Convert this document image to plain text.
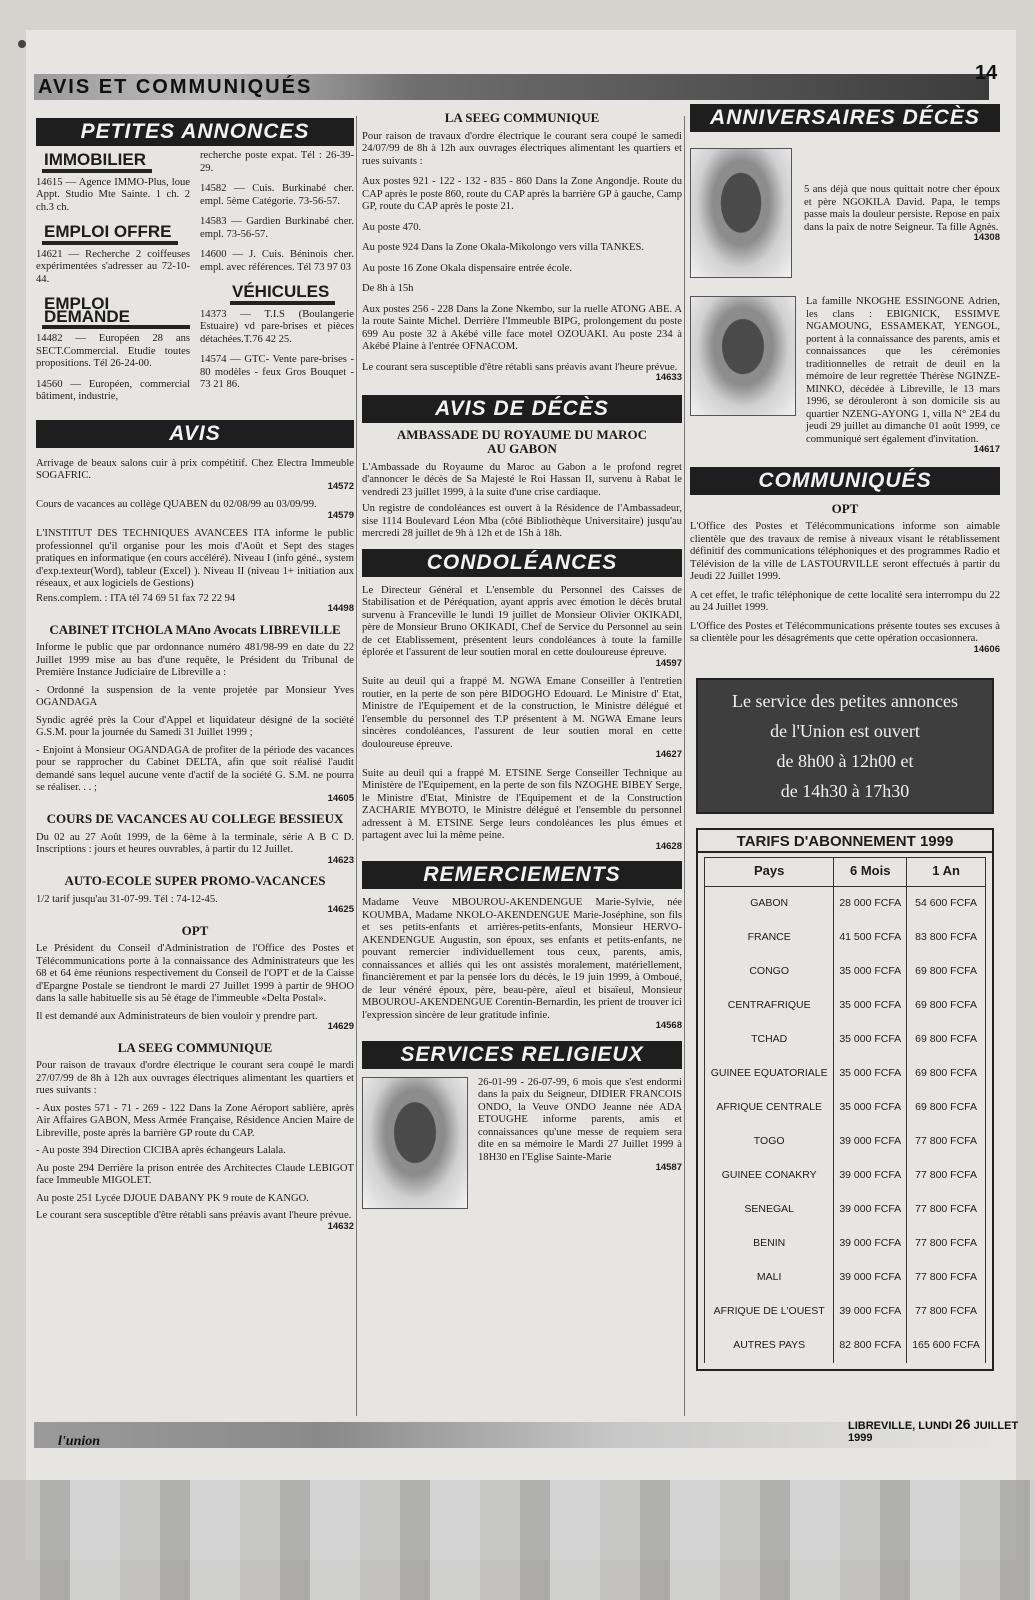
AVIS ET COMMUNIQUÉS
14
PETITES ANNONCES
IMMOBILIER

14615 — Agence IMMO-Plus, loue Appt. Studio Mte Sainte. 1 ch. 2 ch.3 ch.

EMPLOI OFFRE

14621 — Recherche 2 coiffeuses expérimentées s'adresser au 72-10-44.

EMPLOI DEMANDE

14482 — Européen 28 ans SECT.Commercial. Etudie toutes propositions. Tél 26-24-00.

14560 — Européen, commercial bâtiment, industrie,

recherche poste expat. Tél : 26-39-29.

14582 — Cuis. Burkinabé cher. empl. 5ème Catégorie. 73-56-57.

14583 — Gardien Burkinabé cher. empl. 73-56-57.

14600 — J. Cuis. Béninois cher. empl. avec références. Tél 73 97 03

VÉHICULES

14373 — T.I.S (Boulangerie Estuaire) vd pare-brises et pièces détachées.T.76 42 25.

14574 — GTC- Vente pare-brises - 80 modèles - feux Gros Bouquet - 73 21 86.

AVIS

Arrivage de beaux salons cuir à prix compétitif. Chez Electra Immeuble SOGAFRIC.

14572

Cours de vacances au collège QUABEN du 02/08/99 au 03/09/99.

14579

L'INSTITUT DES TECHNIQUES AVANCEES ITA informe le public professionnel qu'il organise pour les mois d'Août et Sept des stages pratiques en informatique (en cours accéléré). Niveau I (info géné., system d'exp.texteur(Word), tableur (Excel) ). Niveau II (niveau 1+ initiation aux réseaux, et aux logiciels de Gestions)

Rens.complem. : ITA tél 74 69 51 fax 72 22 94

14498
CABINET ITCHOLA MAno Avocats LIBREVILLE

Informe le public que par ordonnance numéro 481/98-99 en date du 22 Juillet 1999 mise au bas d'une requête, le Président du Tribunal de Première Instance Judiciaire de Libreville a :

- Ordonné la suspension de la vente projetée par Monsieur Yves OGANDAGA

Syndic agréé près la Cour d'Appel et liquidateur désigné de la société G.S.M. pour la journée du Samedi 31 Juillet 1999 ;

- Enjoint à Monsieur OGANDAGA de profiter de la période des vacances pour se rapprocher du Cabinet DELTA, afin que soit réalisé l'audit demandé sans lequel aucune vente d'actif de la société G. S.M. ne pourra se réaliser. . . ;

14605
COURS DE VACANCES AU COLLEGE BESSIEUX

Du 02 au 27 Août 1999, de la 6ème à la terminale, série A B C D. Inscriptions : jours et heures ouvrables, à partir du 12 Juillet.

14623
AUTO-ECOLE SUPER PROMO-VACANCES

1/2 tarif jusqu'au 31-07-99. Tél : 74-12-45.

14625
OPT

Le Président du Conseil d'Administration de l'Office des Postes et Télécommunications porte à la connaissance des Administrateurs que les 68 et 64 ème réunions respectivement du Conseil de l'OPT et de la Caisse d'Epargne Postale se tiendront le mardi 27 Juillet 1999 à partir de 9HOO dans la salle habituelle sis au 5è étage de l'immeuble «Delta Postal».

Il est demandé aux Administrateurs de bien vouloir y prendre part.

14629
LA SEEG COMMUNIQUE

Pour raison de travaux d'ordre électrique le courant sera coupé le mardi 27/07/99 de 8h à 12h aux ouvrages électriques alimentant les quartiers et rues suivants :

- Aux postes 571 - 71 - 269 - 122 Dans la Zone Aéroport sablière, après Air Affaires GABON, Mess Armée Française, Résidence Ancien Maire de Libreville, poste après la barrière GP route du CAP.

- Au poste 394 Direction CICIBA après échangeurs Lalala.

Au poste 294 Derrière la prison entrée des Architectes Claude LEBIGOT face Immeuble MIGOLET.

Au poste 251 Lycée DJOUE DABANY PK 9 route de KANGO.

Le courant sera susceptible d'être rétabli sans préavis avant l'heure prévue.

14632
LA SEEG COMMUNIQUE

Pour raison de travaux d'ordre électrique le courant sera coupé le samedi 24/07/99 de 8h à 12h aux ouvrages électriques alimentant les quartiers et rues suivants :

Aux postes 921 - 122 - 132 - 835 - 860 Dans la Zone Angondje. Route du CAP après le poste 860, route du CAP après la barrière GP à gauche, Camp GP, route du CAP après le poste 21.

Au poste 470.

Au poste 924 Dans la Zone Okala-Mikolongo vers villa TANKES.

Au poste 16 Zone Okala dispensaire entrée école.

De 8h à 15h

Aux postes 256 - 228 Dans la Zone Nkembo, sur la ruelle ATONG ABE. A la route Sainte Michel. Derrière l'Immeuble BIPG, prolongement du poste 699 Au poste 32 à Akébé ville face motel OZOUAKI. Au poste 234 à Akébé Plaine à l'entrée OFNACOM.

Le courant sera susceptible d'être rétabli sans préavis avant l'heure prévue.

14633
AVIS DE DÉCÈS
AMBASSADE DU ROYAUME DU MAROC
AU GABON

L'Ambassade du Royaume du Maroc au Gabon a le profond regret d'annoncer le décès de Sa Majesté le Roi Hassan II, survenu à Rabat le vendredi 23 juillet 1999, à la suite d'une crise cardiaque.

Un registre de condoléances est ouvert à la Résidence de l'Ambassadeur, sise 1114 Boulevard Léon Mba (côté Bibliothèque Universitaire) jusqu'au mercredi 28 juillet de 9h à 12h et de 15h à 18h.

CONDOLÉANCES

Le Directeur Général et L'ensemble du Personnel des Caisses de Stabilisation et de Péréquation, ayant appris avec émotion le décès brutal survenu à Franceville le lundi 19 juillet de Monsieur Olivier OKIKADI, père de Monsieur Bruno OKIKADI, Chef de Service du Personnel au sein de cet Etablissement, présentent leurs condoléances à toute la famille éplorée et l'assurent de leur soutien moral en cette douloureuse épreuve.

14597

Suite au deuil qui a frappé M. NGWA Emane Conseiller à l'entretien routier, en la perte de son père BIDOGHO Edouard. Le Ministre d' Etat, Ministre de l'Equipement et de la construction, le Ministre délégué et l'ensemble du personnel des T.P présentent à M. NGWA Emane leurs sincères condoléances, l'assurent de leur soutien moral en cette douloureuse épreuve.

14627

Suite au deuil qui a frappé M. ETSINE Serge Conseiller Technique au Ministère de l'Equipement, en la perte de son fils NZOGHE BIBEY Serge, le Ministre d'Etat, Ministre de l'Equipement et de la Construction ZACHARIE MYBOTO, le Ministre délégué et l'ensemble du personnel adressent à M. ETSINE Serge leurs condoléances les plus émues et partagent avec lui la même peine.

14628
REMERCIEMENTS

Madame Veuve MBOUROU-AKENDENGUE Marie-Sylvie, née KOUMBA, Madame NKOLO-AKENDENGUE Marie-Joséphine, son fils et ses petits-enfants et arrières-petits-enfants, Monsieur HERVO-AKENDENGUE Augustin, son époux, ses enfants et petits-enfants, ne pouvant remercier individuellement tous ceux, parents, amis, connaissances et alliés qui les ont assistés moralement, matériellement, financièrement et par la pensée lors du décès, le 19 juin 1999, à Omboué, de leur vénéré époux, père, beau-père, aïeul et bisaïeul, Monsieur MBOUROU-AKENDENGUE Corentin-Bernardin, les prient de trouver ici l'expression sincère de leur gratitude infinie.

14568
SERVICES RELIGIEUX

26-01-99 - 26-07-99, 6 mois que s'est endormi dans la paix du Seigneur, DIDIER FRANCOIS ONDO, la Veuve ONDO Jeanne née ADA ETOUGHE informe parents, amis et connaissances qu'une messe de requiem sera dite en sa mémoire le Mardi 27 Juillet 1999 à 18H30 en l'Eglise Sainte-Marie

14587
ANNIVERSAIRES DÉCÈS

5 ans déjà que nous quittait notre cher époux et père NGOKILA David. Papa, le temps passe mais la douleur persiste. Repose en paix dans la paix de notre Seigneur. Ta fille Agnès.

14308

La famille NKOGHE ESSINGONE Adrien, les clans : EBIGNICK, ESSIMVE NGAMOUNG, ESSAMEKAT, YENGOL, portent à la connaissance des parents, amis et connaissances que les cérémonies traditionnelles de retrait de deuil en la mémoire de leur regrettée Thérèse NGINZE-MINKO, décédée à Libreville, le 13 mars 1996, se dérouleront à son domicile sis au quartier NZENG-AYONG 1, villa N° 2E4 du jeudi 29 juillet au dimanche 01 août 1999, ce communiqué sert également d'invitation.

14617
COMMUNIQUÉS
OPT

L'Office des Postes et Télécommunications informe son aimable clientèle que des travaux de remise à niveaux visant le rétablissement définitif des communications téléphoniques et des programmes Radio et Télévision de la ville de LASTOURVILLE seront effectués à partir du Jeudi 22 Juillet 1999.

A cet effet, le trafic téléphonique de cette localité sera interrompu du 22 au 24 Juillet 1999.

L'Office des Postes et Télécommunications présente toutes ses excuses à sa clientèle pour les désagréments que cette opération occasionnera.

14606
Le service des petites annonces
de l'Union est ouvert
de 8h00 à 12h00 et
de 14h30 à 17h30
TARIFS D'ABONNEMENT 1999
Pays	6 Mois	1 An
GABON	28 000 FCFA	54 600 FCFA
FRANCE	41 500 FCFA	83 800 FCFA
CONGO	35 000 FCFA	69 800 FCFA
CENTRAFRIQUE	35 000 FCFA	69 800 FCFA
TCHAD	35 000 FCFA	69 800 FCFA
GUINEE EQUATORIALE	35 000 FCFA	69 800 FCFA
AFRIQUE CENTRALE	35 000 FCFA	69 800 FCFA
TOGO	39 000 FCFA	77 800 FCFA
GUINEE CONAKRY	39 000 FCFA	77 800 FCFA
SENEGAL	39 000 FCFA	77 800 FCFA
BENIN	39 000 FCFA	77 800 FCFA
MALI	39 000 FCFA	77 800 FCFA
AFRIQUE DE L'OUEST	39 000 FCFA	77 800 FCFA
AUTRES PAYS	82 800 FCFA	165 600 FCFA
l'union
LIBREVILLE, LUNDI 26 JUILLET 1999
